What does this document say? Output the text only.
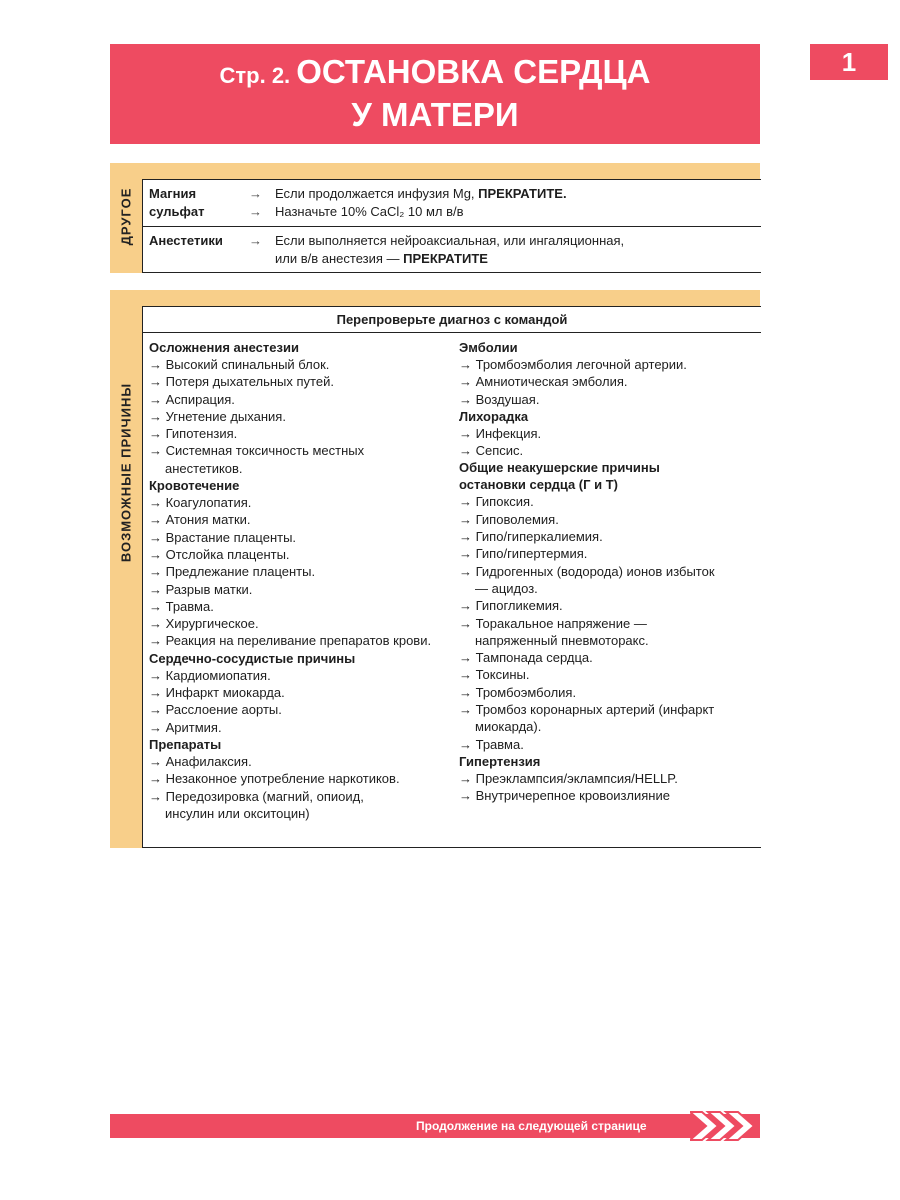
Стр. 2. ОСТАНОВКА СЕРДЦА
У МАТЕРИ
1
ДРУГОЕ Магния
сульфат
→
→
Если продолжается инфузия Mg, ПРЕКРАТИТЕ.
Назначьте 10% CaCl₂ 10 мл в/в
Анестетики	→ Если выполняется нейроаксиальная, или ингаляционная,
или в/в анестезия — ПРЕКРАТИТЕ
ВОЗМОЖНЫЕ ПРИЧИНЫ
Перепроверьте диагноз с командой
Осложнения анестезии
→ Высокий спинальный блок.
→ Потеря дыхательных путей.
→ Аспирация.
→ Угнетение дыхания.
→ Гипотензия.
→ Системная токсичность местных анестетиков.
Кровотечение
→ Коагулопатия.
→ Атония матки.
→ Врастание плаценты.
→ Отслойка плаценты.
→ Предлежание плаценты.
→ Разрыв матки.
→ Травма.
→ Хирургическое.
→ Реакция на переливание препаратов крови.
Сердечно-сосудистые причины
→ Кардиомиопатия.
→ Инфаркт миокарда.
→ Расслоение аорты.
→ Аритмия.
Препараты
→ Анафилаксия.
→ Незаконное употребление наркотиков.
→ Передозировка (магний, опиоид, инсулин или окситоцин)
Эмболии
→ Тромбоэмболия легочной артерии.
→ Амниотическая эмболия.
→ Воздушая.
Лихорадка
→ Инфекция.
→ Сепсис.
Общие неакушерские причины остановки сердца (Г и Т)
→ Гипоксия.
→ Гиповолемия.
→ Гипо/гиперкалиемия.
→ Гипо/гипертермия.
→ Гидрогенных (водорода) ионов избыток — ацидоз.
→ Гипогликемия.
→ Торакальное напряжение — напряженный пневмоторакс.
→ Тампонада сердца.
→ Токсины.
→ Тромбоэмболия.
→ Тромбоз коронарных артерий (инфаркт миокарда).
→ Травма.
Гипертензия
→ Преэклампсия/эклампсия/HELLP.
→ Внутричерепное кровоизлияние
Продолжение на следующей странице
